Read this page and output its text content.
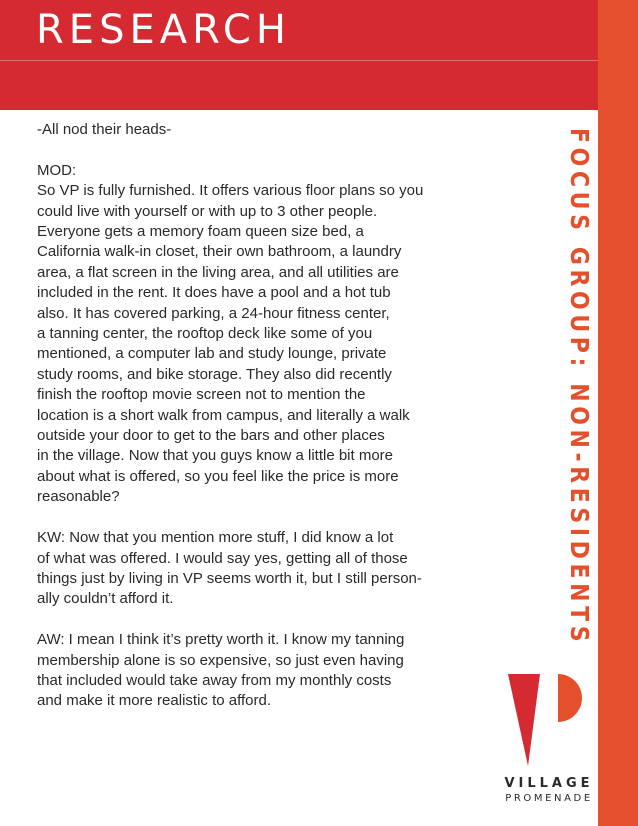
RESEARCH
FOCUS GROUP: NON-RESIDENTS

-All nod their heads-

MOD:
So VP is fully furnished. It offers various floor plans so you
could live with yourself or with up to 3 other people.
Everyone gets a memory foam queen size bed, a
California walk-in closet, their own bathroom, a laundry
area, a flat screen in the living area, and all utilities are
included in the rent. It does have a pool and a hot tub
also. It has covered parking, a 24-hour fitness center,
a tanning center, the rooftop deck like some of you
mentioned, a computer lab and study lounge, private
study rooms, and bike storage. They also did recently
finish the rooftop movie screen not to mention the
location is a short walk from campus, and literally a walk
outside your door to get to the bars and other places
in the village. Now that you guys know a little bit more
about what is offered, so you feel like the price is more
reasonable?

KW: Now that you mention more stuff, I did know a lot
of what was offered. I would say yes, getting all of those
things just by living in VP seems worth it, but I still person-
ally couldn’t afford it.

AW: I mean I think it’s pretty worth it. I know my tanning
membership alone is so expensive, so just even having
that included would take away from my monthly costs
and make it more realistic to afford.

VILLAGE
PROMENADE
